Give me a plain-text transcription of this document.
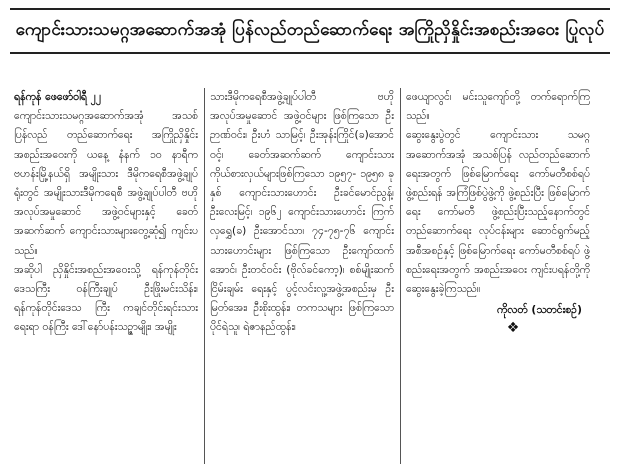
ကျောင်းသားသမဂ္ဂအဆောက်အအုံ ပြန်လည်တည်ဆောက်ရေး အကြိုညှိနှိုင်းအစည်းအဝေး ပြုလုပ်

ရန်ကုန် ဖေဖော်ဝါရီ ၂၂

ကျောင်းသားသမဂ္ဂအဆောက်အအုံ အသစ်ပြန်လည် တည်ဆောက်ရေး အကြိုညှိနှိုင်းအစည်းအဝေးကို ယနေ့ နံနက် ၁၀ နာရီက ဗဟန်းမြို့နယ်ရှိ အမျိုးသား ဒီမိုကရေစီအဖွဲ့ချုပ် ရုံးတွင် အမျိုးသားဒီမိုကရေစီ အဖွဲ့ချုပ်ပါတီ ဗဟိုအလုပ်အမှုဆောင် အဖွဲ့ဝင်များနှင့် ခေတ်အဆက်ဆက် ကျောင်းသားများတွေ့ဆုံ၍ ကျင်းပ သည်။

အဆိုပါ ညှိနှိုင်းအစည်းအဝေးသို့ ရန်ကုန်တိုင်းဒေသကြီး ဝန်ကြီးချုပ် ဦးဖြိုးမင်းသိန်း၊ ရန်ကုန်တိုင်းဒေသ ကြီး ကချင်တိုင်းရင်းသားရေးရာ ဝန်ကြီး ဒေါ်နော်ပန်းသဉ္ဇာမျိုး၊ အမျိုး

သားဒီမိုကရေစီအဖွဲ့ချုပ်ပါတီ ဗဟို အလုပ်အမှုဆောင် အဖွဲ့ဝင်များ ဖြစ်ကြသော ဦးဉာဏ်ဝင်း၊ ဦးဟံ သာမြင့်၊ ဦးအုန်းကြိုင်(ခ)အောင်ဝင့်၊ ခေတ်အဆက်ဆက် ကျောင်းသား ကိုယ်စားလှယ်များဖြစ်ကြသော ၁၉၅၇- ၁၉၅၈ ခုနှစ် ကျောင်းသားဟောင်း ဦးခင်မောင်ညွန့်၊ ဦးလေးမြင့်၊ ၁၉၆၂ ကျောင်းသားဟောင်း ကြက်လှရွှေ(ခ) ဦးအောင်သာ၊ ၇၄-၇၅-၇၆ ကျောင်း သားဟောင်းများ ဖြစ်ကြသော ဦးကျော်ထက်အောင်၊ ဦးတင်ဝင်း (ဗိုလ်ခင်ကော့)၊ စစ်မျိုးဆက်ငြိမ်းချမ်း ရေးနှင့် ပွင့်လင်းလူ့အဖွဲ့အစည်းမှ ဦးမြတ်အေး၊ ဦးစိုးထွန်း၊ တကသများ ဖြစ်ကြသော ပိုင်ရဲသူ၊ ရဲဇာနည်ထွန်း၊

ဖေယျာလွင်၊ မင်းသူကျော်တို့ တက်ရောက်ကြသည်။

ဆွေးနွေးပွဲတွင် ကျောင်းသား သမဂ္ဂအဆောက်အအုံ အသစ်ပြန် လည်တည်ဆောက်ရေးအတွက် ဖြစ်မြောက်ရေး ကော်မတီစစ်ရပ် ဖွဲ့စည်းရန် အကြံဖြစ်ပွဲဖွဲ့ကို ဖွဲ့စည်းပြီး ဖြစ်မြောက်ရေး ကော်မတီ ဖွဲ့စည်းပြီးသည့်နောက်တွင် တည်ဆောက်ရေး လုပ်ငန်းများ ဆောင်ရွက်မည့် အစီအစဉ်နှင့် ဖြစ်မြောက်ရေး ကော်မတီစစ်ရပ် ဖွဲ့ စည်းရေးအတွက် အစည်းအဝေး ကျင်းပရန်တို့ကို ဆွေးနွေးခဲ့ကြသည်။

ကိုလတ် (သတင်းစဉ်)

❖
